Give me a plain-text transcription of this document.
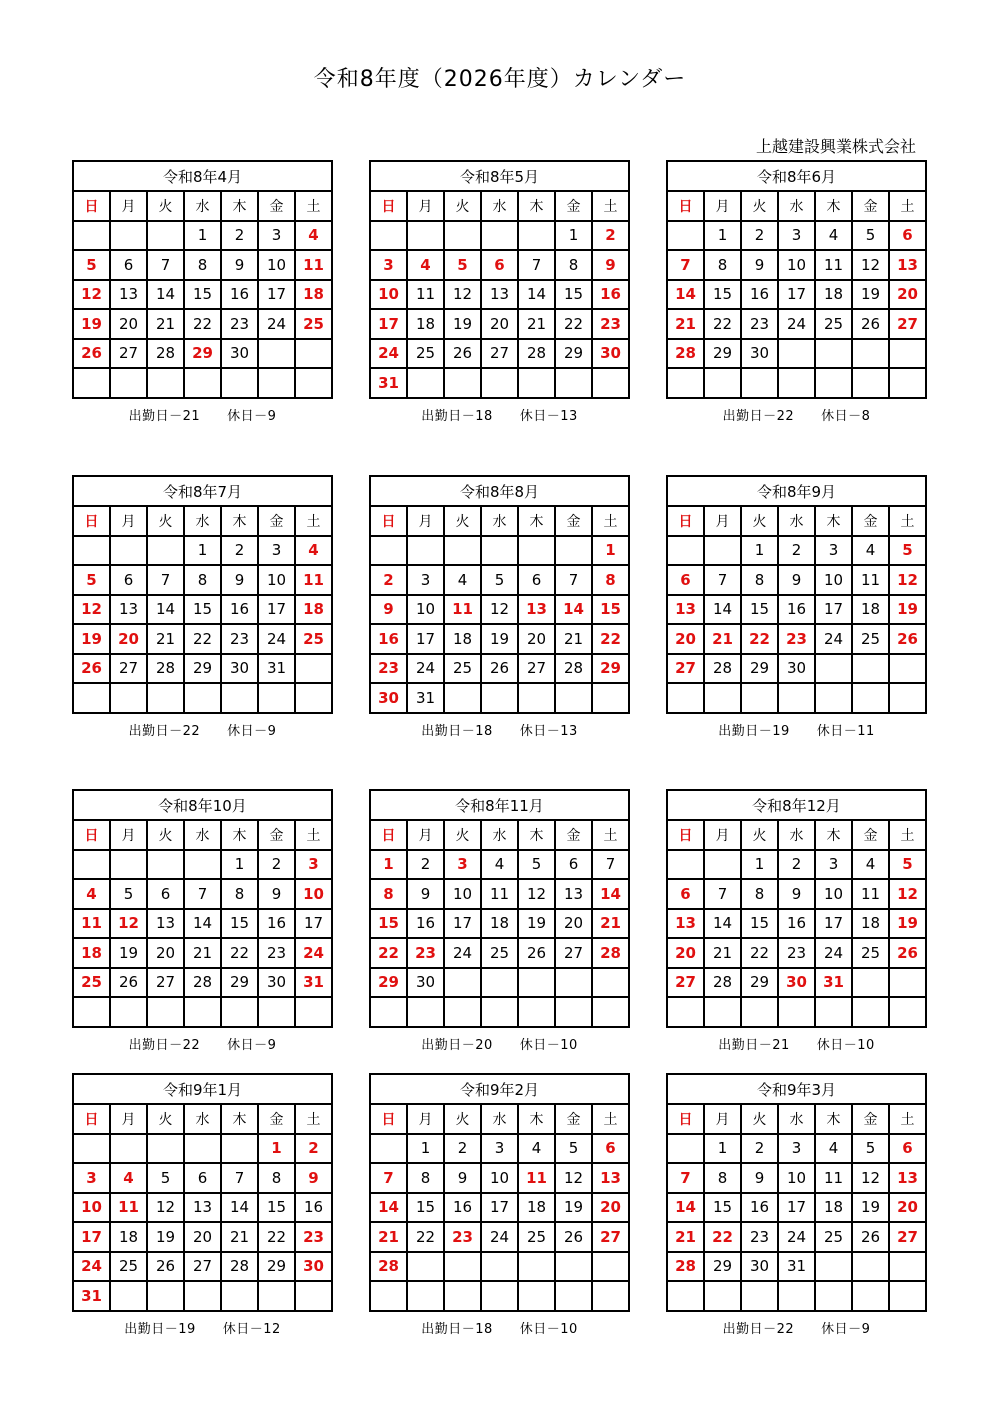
令和8年度（2026年度）カレンダー
上越建設興業株式会社
令和8年4月						
日	月	火	水	木	金	土
			1	2	3	4
5	6	7	8	9	10	11
12	13	14	15	16	17	18
19	20	21	22	23	24	25
26	27	28	29	30		

出勤日－21　　休日－9
令和8年5月						
日	月	火	水	木	金	土
					1	2
3	4	5	6	7	8	9
10	11	12	13	14	15	16
17	18	19	20	21	22	23
24	25	26	27	28	29	30
31						
出勤日－18　　休日－13
令和8年6月						
日	月	火	水	木	金	土
	1	2	3	4	5	6
7	8	9	10	11	12	13
14	15	16	17	18	19	20
21	22	23	24	25	26	27
28	29	30				

出勤日－22　　休日－8
令和8年7月						
日	月	火	水	木	金	土
			1	2	3	4
5	6	7	8	9	10	11
12	13	14	15	16	17	18
19	20	21	22	23	24	25
26	27	28	29	30	31	

出勤日－22　　休日－9
令和8年8月						
日	月	火	水	木	金	土
						1
2	3	4	5	6	7	8
9	10	11	12	13	14	15
16	17	18	19	20	21	22
23	24	25	26	27	28	29
30	31					
出勤日－18　　休日－13
令和8年9月						
日	月	火	水	木	金	土
		1	2	3	4	5
6	7	8	9	10	11	12
13	14	15	16	17	18	19
20	21	22	23	24	25	26
27	28	29	30			

出勤日－19　　休日－11
令和8年10月						
日	月	火	水	木	金	土
				1	2	3
4	5	6	7	8	9	10
11	12	13	14	15	16	17
18	19	20	21	22	23	24
25	26	27	28	29	30	31

出勤日－22　　休日－9
令和8年11月						
日	月	火	水	木	金	土
1	2	3	4	5	6	7
8	9	10	11	12	13	14
15	16	17	18	19	20	21
22	23	24	25	26	27	28
29	30					

出勤日－20　　休日－10
令和8年12月						
日	月	火	水	木	金	土
		1	2	3	4	5
6	7	8	9	10	11	12
13	14	15	16	17	18	19
20	21	22	23	24	25	26
27	28	29	30	31		

出勤日－21　　休日－10
令和9年1月						
日	月	火	水	木	金	土
					1	2
3	4	5	6	7	8	9
10	11	12	13	14	15	16
17	18	19	20	21	22	23
24	25	26	27	28	29	30
31						
出勤日－19　　休日－12
令和9年2月						
日	月	火	水	木	金	土
	1	2	3	4	5	6
7	8	9	10	11	12	13
14	15	16	17	18	19	20
21	22	23	24	25	26	27
28						

出勤日－18　　休日－10
令和9年3月						
日	月	火	水	木	金	土
	1	2	3	4	5	6
7	8	9	10	11	12	13
14	15	16	17	18	19	20
21	22	23	24	25	26	27
28	29	30	31			

出勤日－22　　休日－9
